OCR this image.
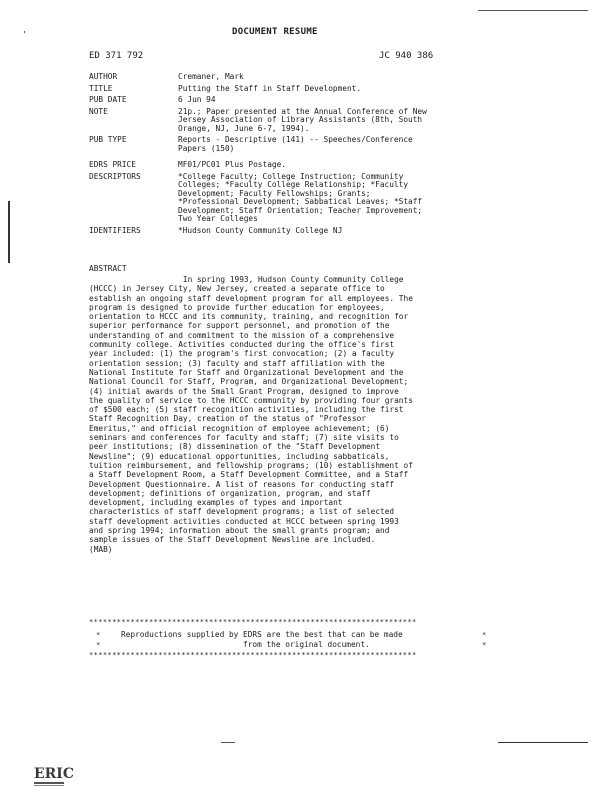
DOCUMENT RESUME
ED 371 792	JC 940 386
AUTHOR	Cremaner, Mark
TITLE	Putting the Staff in Staff Development.
PUB DATE	6 Jun 94
NOTE	21p.; Paper presented at the Annual Conference of New
Jersey Association of Library Assistants (8th, South
Orange, NJ, June 6-7, 1994).
PUB TYPE	Reports - Descriptive (141) -- Speeches/Conference
Papers (150)
EDRS PRICE	MF01/PC01 Plus Postage.
DESCRIPTORS	*College Faculty; College Instruction; Community
Colleges; *Faculty College Relationship; *Faculty
Development; Faculty Fellowships; Grants;
*Professional Development; Sabbatical Leaves; *Staff
Development; Staff Orientation; Teacher Improvement;
Two Year Colleges
IDENTIFIERS	*Hudson County Community College NJ
ABSTRACT
In spring 1993, Hudson County Community College
(HCCC) in Jersey City, New Jersey, created a separate office to
establish an ongoing staff development program for all employees. The
program is designed to provide further education for employees,
orientation to HCCC and its community, training, and recognition for
superior performance for support personnel, and promotion of the
understanding of and commitment to the mission of a comprehensive
community college. Activities conducted during the office's first
year included: (1) the program's first convocation; (2) a faculty
orientation session; (3) faculty and staff affiliation with the
National Institute for Staff and Organizational Development and the
National Council for Staff, Program, and Organizational Development;
(4) initial awards of the Small Grant Program, designed to improve
the quality of service to the HCCC community by providing four grants
of $500 each; (5) staff recognition activities, including the first
Staff Recognition Day, creation of the status of "Professor
Emeritus," and official recognition of employee achievement; (6)
seminars and conferences for faculty and staff; (7) site visits to
peer institutions; (8) dissemination of the "Staff Development
Newsline"; (9) educational opportunities, including sabbaticals,
tuition reimbursement, and fellowship programs; (10) establishment of
a Staff Development Room, a Staff Development Committee, and a Staff
Development Questionnaire. A list of reasons for conducting staff
development; definitions of organization, program, and staff
development, including examples of types and important
characteristics of staff development programs; a list of selected
staff development activities conducted at HCCC between spring 1993
and spring 1994; information about the small grants program; and
sample issues of the Staff Development Newsline are included.
(MAB)
***********************************************************************
*	Reproductions supplied by EDRS are the best that can be made	*
*	from the original document.	*
***********************************************************************
'

ERIC
